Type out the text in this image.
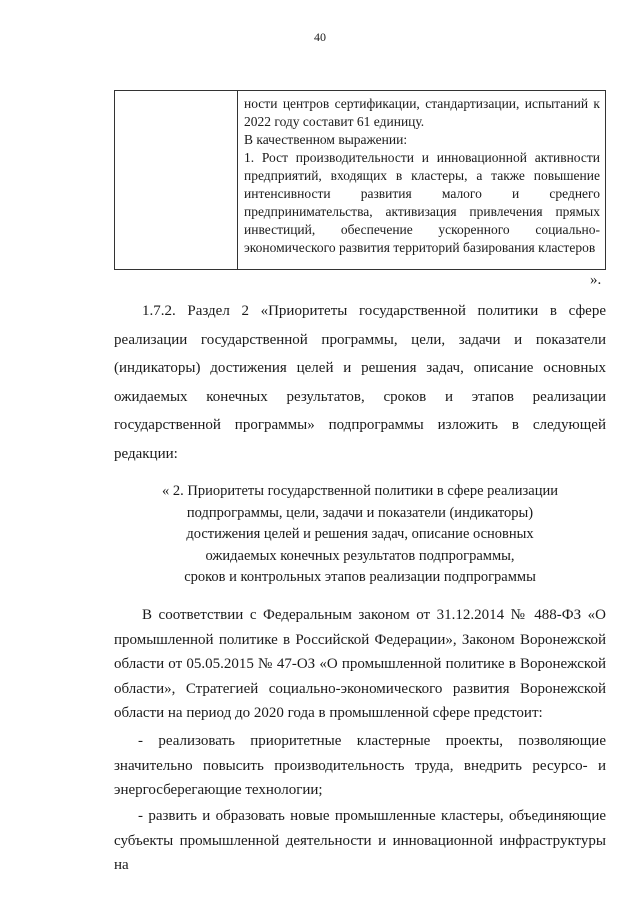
40

ности центров сертификации, стандартизации, испытаний к 2022 году составит 61 единицу.

В качественном выражении:

1. Рост производительности и инновационной активности предприятий, входящих в кластеры, а также повышение интенсивности развития малого и среднего предпринимательства, активизация привлечения прямых инвестиций, обеспечение ускоренного социально-экономического развития территорий базирования кластеров

».

1.7.2. Раздел 2 «Приоритеты государственной политики в сфере реализации государственной программы, цели, задачи и показатели (индикаторы) достижения целей и решения задач, описание основных ожидаемых конечных результатов, сроков и этапов реализации государственной программы» подпрограммы изложить в следующей редакции:

« 2. Приоритеты государственной политики в сфере реализации
подпрограммы, цели, задачи и показатели (индикаторы)
достижения целей и решения задач, описание основных
ожидаемых конечных результатов подпрограммы,
сроков и контрольных этапов реализации подпрограммы

В соответствии с Федеральным законом от 31.12.2014 № 488-ФЗ «О промышленной политике в Российской Федерации», Законом Воронежской области от 05.05.2015 № 47-ОЗ «О промышленной политике в Воронежской области», Стратегией социально-экономического развития Воронежской области на период до 2020 года в промышленной сфере предстоит:

- реализовать приоритетные кластерные проекты, позволяющие значительно повысить производительность труда, внедрить ресурсо- и энергосберегающие технологии;

- развить и образовать новые промышленные кластеры, объединяющие субъекты промышленной деятельности и инновационной инфраструктуры на
